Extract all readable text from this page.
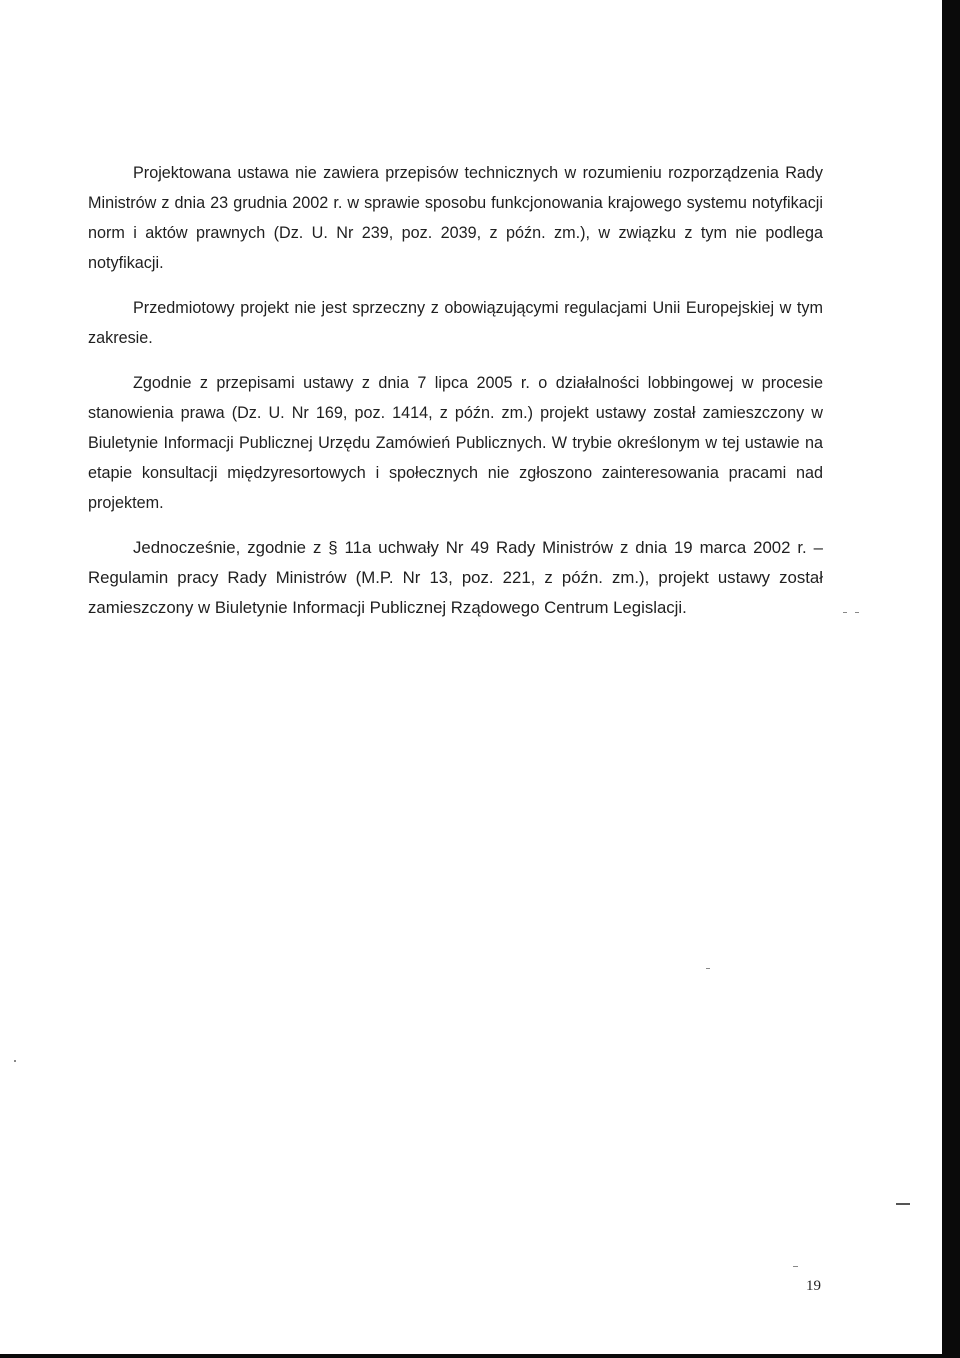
Projektowana ustawa nie zawiera przepisów technicznych w rozumieniu rozporządzenia Rady Ministrów z dnia 23 grudnia 2002 r. w sprawie sposobu funkcjonowania krajowego systemu notyfikacji norm i aktów prawnych (Dz. U. Nr 239, poz. 2039, z późn. zm.), w związku z tym nie podlega notyfikacji.

Przedmiotowy projekt nie jest sprzeczny z obowiązującymi regulacjami Unii Europejskiej w tym zakresie.

Zgodnie z przepisami ustawy z dnia 7 lipca 2005 r. o działalności lobbingowej w procesie stanowienia prawa (Dz. U. Nr 169, poz. 1414, z późn. zm.) projekt ustawy został zamieszczony w Biuletynie Informacji Publicznej Urzędu Zamówień Publicznych. W trybie określonym w tej ustawie na etapie konsultacji międzyresortowych i społecznych nie zgłoszono zainteresowania pracami nad projektem.

Jednocześnie, zgodnie z § 11a uchwały Nr 49 Rady Ministrów z dnia 19 marca 2002 r. – Regulamin pracy Rady Ministrów (M.P. Nr 13, poz. 221, z późn. zm.), projekt ustawy został zamieszczony w Biuletynie Informacji Publicznej Rządowego Centrum Legislacji.

19
